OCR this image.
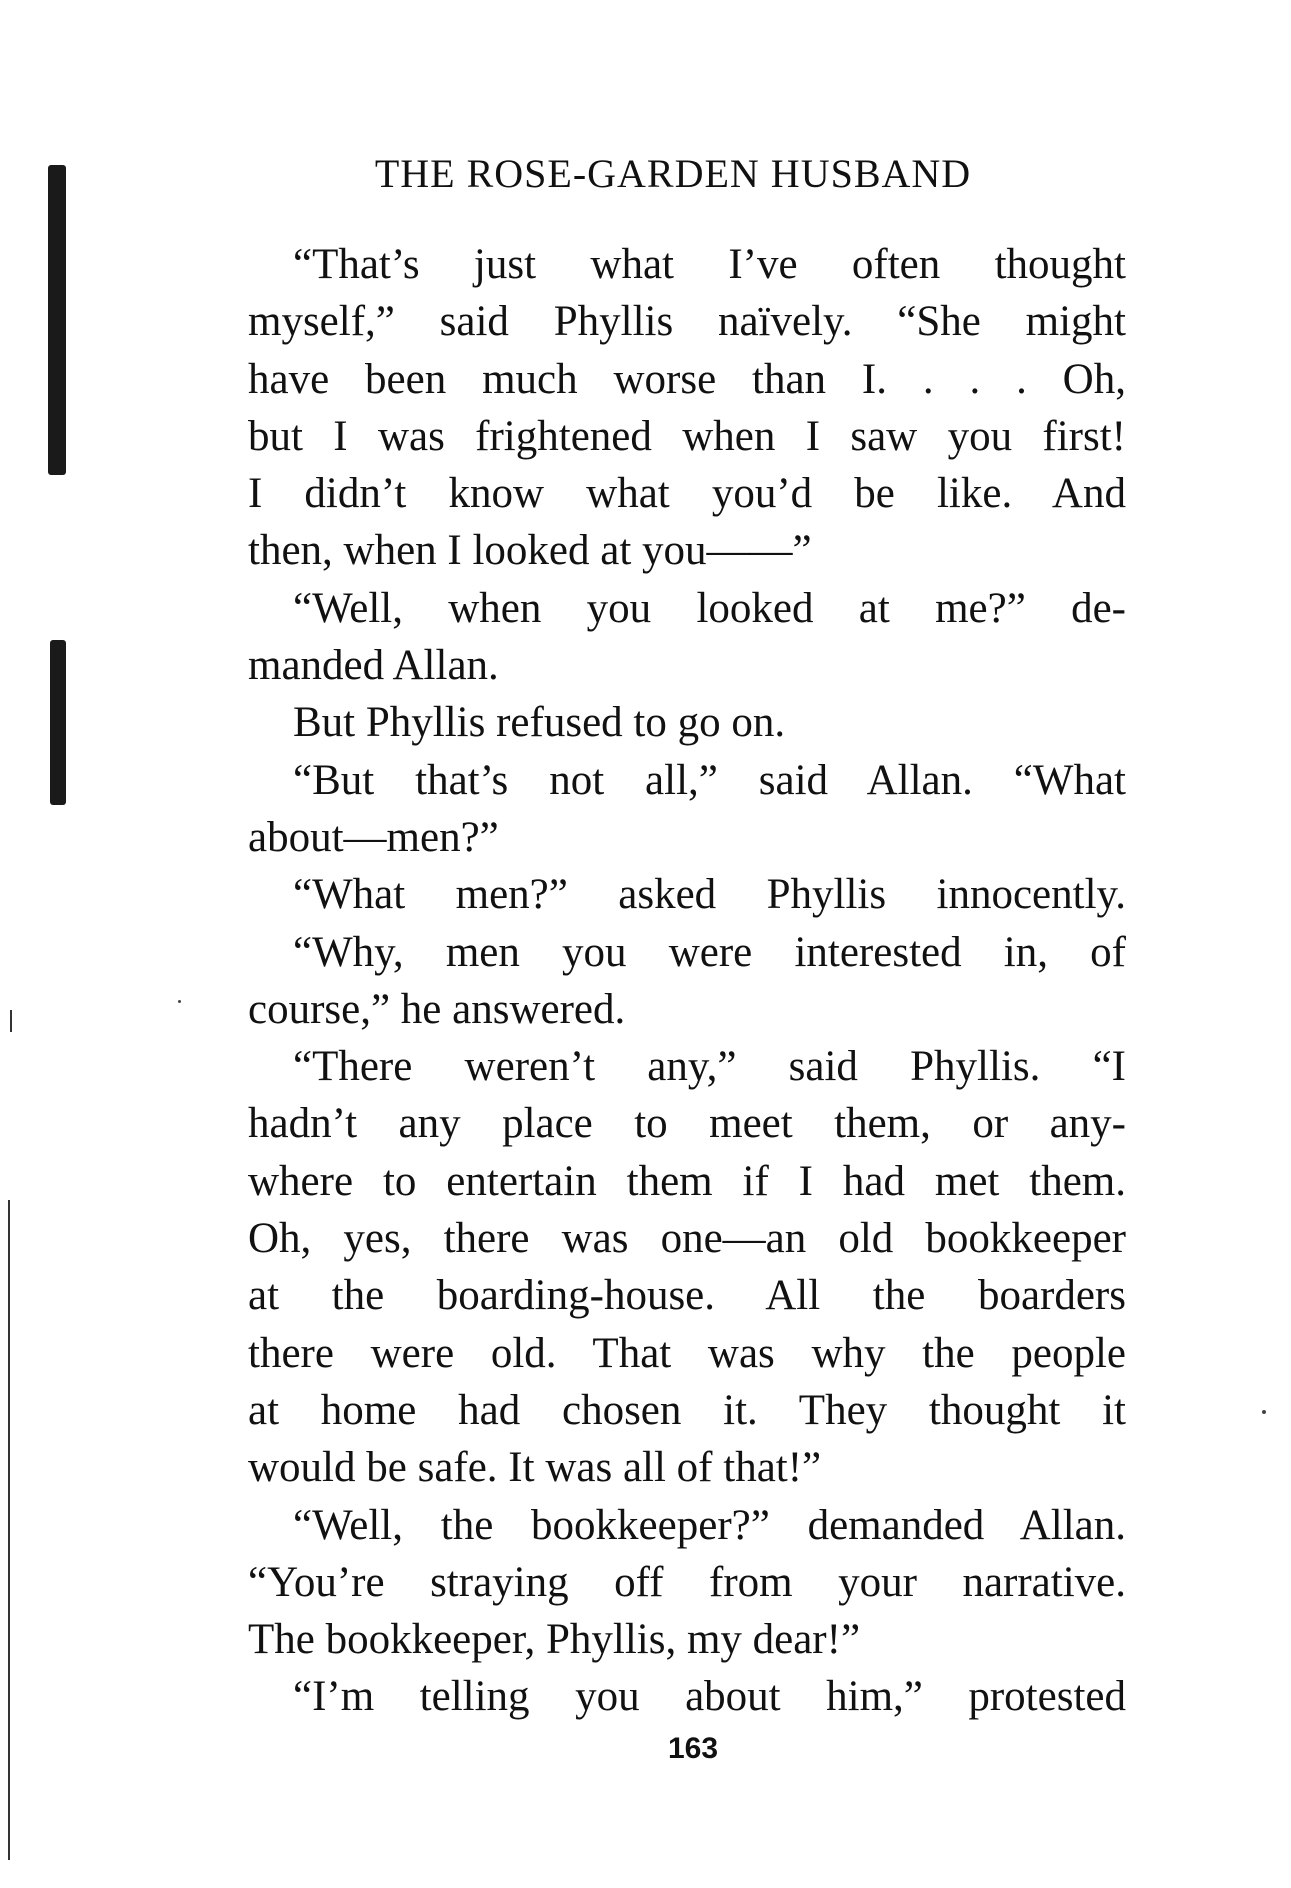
THE ROSE-GARDEN HUSBAND
“That’s just what I’ve often thought
myself,” said Phyllis naïvely. “She might
have been much worse than I. . . . Oh,
but I was frightened when I saw you first!
I didn’t know what you’d be like. And
then, when I looked at you——”
“Well, when you looked at me?” de-
manded Allan.
But Phyllis refused to go on.
“But that’s not all,” said Allan. “What
about—men?”
“What men?” asked Phyllis innocently.
“Why, men you were interested in, of
course,” he answered.
“There weren’t any,” said Phyllis. “I
hadn’t any place to meet them, or any-
where to entertain them if I had met them.
Oh, yes, there was one—an old bookkeeper
at the boarding-house. All the boarders
there were old. That was why the people
at home had chosen it. They thought it
would be safe. It was all of that!”
“Well, the bookkeeper?” demanded Allan.
“You’re straying off from your narrative.
The bookkeeper, Phyllis, my dear!”
“I’m telling you about him,” protested
163
